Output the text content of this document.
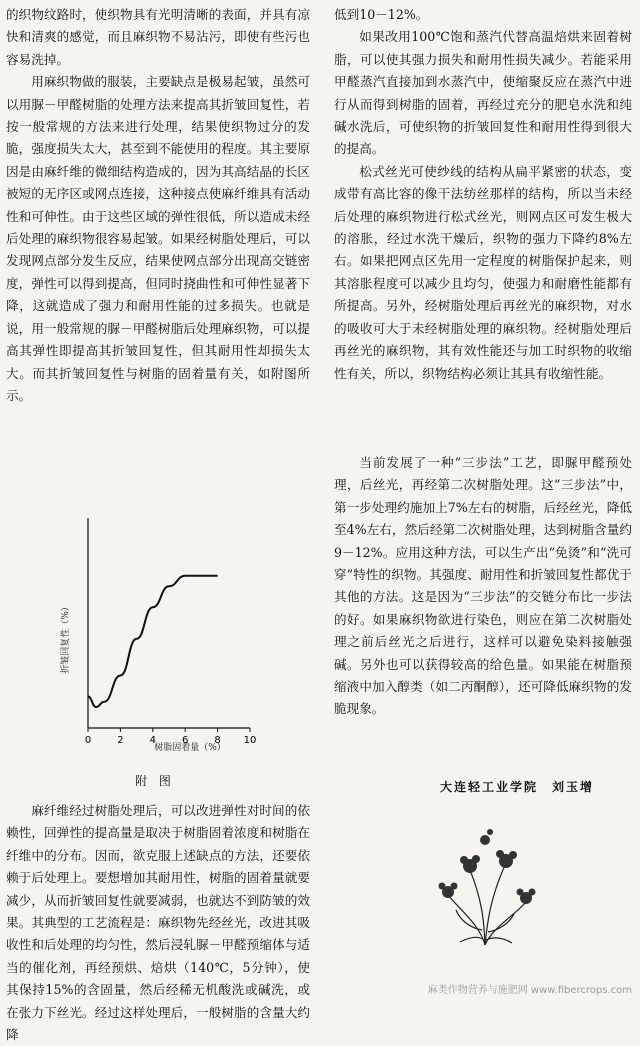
的织物纹路时，使织物具有光明清晰的表面，并具有凉快和清爽的感觉，而且麻织物不易沾污，即使有些污也容易洗掉。

用麻织物做的服装，主要缺点是极易起皱，虽然可以用脲－甲醛树脂的处理方法来提高其折皱回复性，若按一般常规的方法来进行处理，结果使织物过分的发脆，强度损失太大，甚至到不能使用的程度。其主要原因是由麻纤维的微细结构造成的，因为其高结晶的长区被短的无序区或网点连接，这种接点使麻纤维具有活动性和可伸性。由于这些区域的弹性很低，所以造成未经后处理的麻织物很容易起皱。如果经树脂处理后，可以发现网点部分发生反应，结果使网点部分出现高交链密度，弹性可以得到提高，但同时挠曲性和可伸性显著下降，这就造成了强力和耐用性能的过多损失。也就是说，用一般常规的脲－甲醛树脂后处理麻织物，可以提高其弹性即提高其折皱回复性，但其耐用性却损失太大。而其折皱回复性与树脂的固着量有关，如附图所示。

折皱回复性（%）
树脂固着量（%）
0	2	4	6	8 10
附 图

麻纤维经过树脂处理后，可以改进弹性对时间的依赖性，回弹性的提高量是取决于树脂固着浓度和树脂在纤维中的分布。因而，欲克服上述缺点的方法，还要依赖于后处理上。要想增加其耐用性，树脂的固着量就要减少，从而折皱回复性就要减弱，也就达不到防皱的效果。其典型的工艺流程是：麻织物先经丝光，改进其吸收性和后处理的均匀性，然后浸轧脲－甲醛预缩体与适当的催化剂，再经预烘、焙烘（140℃，5分钟），使其保持15%的含固量，然后经稀无机酸洗或碱洗，或在张力下丝光。经过这样处理后，一般树脂的含量大约降

低到10－12%。

如果改用100℃饱和蒸汽代替高温焙烘来固着树脂，可以使其强力损失和耐用性损失减少。若能采用甲醛蒸汽直接加到水蒸汽中，使缩聚反应在蒸汽中进行从而得到树脂的固着，再经过充分的肥皂水洗和纯碱水洗后，可使织物的折皱回复性和耐用性得到很大的提高。

松式丝光可使纱线的结构从扁平紧密的状态，变成带有高比容的像干法纺丝那样的结构，所以当未经后处理的麻织物进行松式丝光，则网点区可发生极大的溶胀，经过水洗干燥后，织物的强力下降约8%左右。如果把网点区先用一定程度的树脂保护起来，则其溶胀程度可以减少且均匀，使强力和耐磨性能都有所提高。另外，经树脂处理后再丝光的麻织物，对水的吸收可大于未经树脂处理的麻织物。经树脂处理后再丝光的麻织物，其有效性能还与加工时织物的收缩性有关，所以，织物结构必须让其具有收缩性能。

当前发展了一种“三步法”工艺，即脲甲醛预处理，后丝光，再经第二次树脂处理。这“三步法”中，第一步处理约施加上7%左右的树脂，后经丝光，降低至4%左右，然后经第二次树脂处理，达到树脂含量约9－12%。应用这种方法，可以生产出“免烫”和“洗可穿”特性的织物。其强度、耐用性和折皱回复性都优于其他的方法。这是因为“三步法”的交链分布比一步法的好。如果麻织物欲进行染色，则应在第二次树脂处理之前后丝光之后进行，这样可以避免染料接触强碱。另外也可以获得较高的给色量。如果能在树脂预缩液中加入醇类（如二丙酮醇），还可降低麻织物的发脆现象。

大连轻工业学院　刘玉增
麻类作物营养与施肥网 www.fibercrops.com
